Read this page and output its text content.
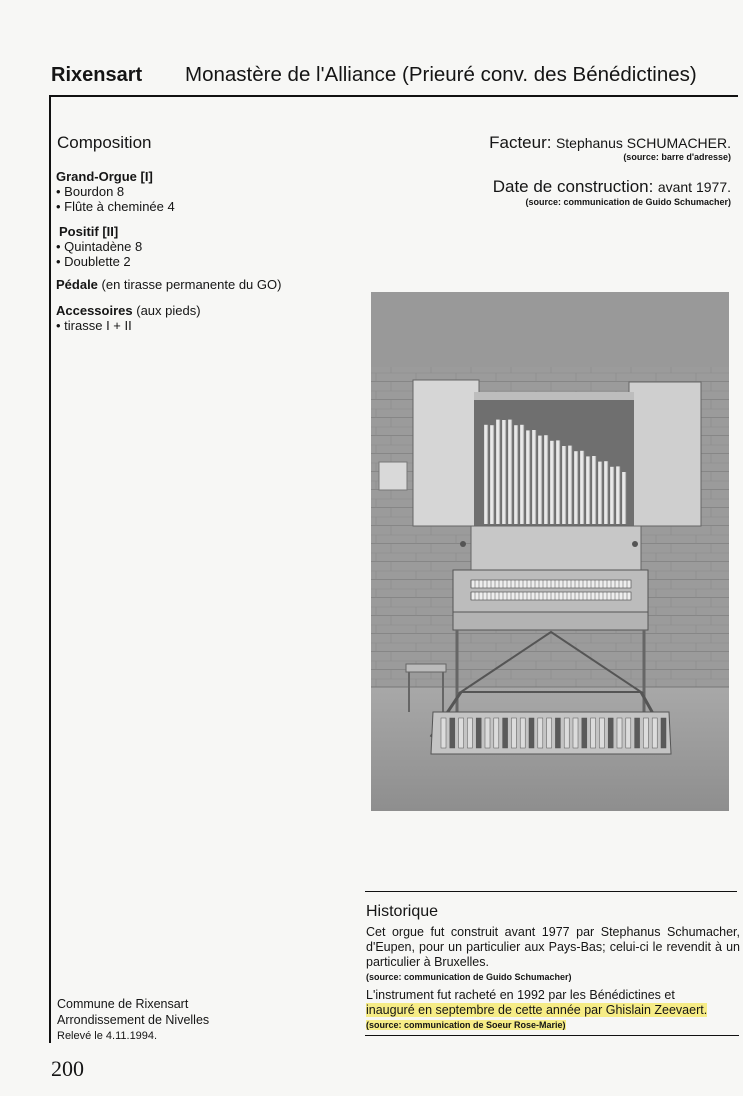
Rixensart Monastère de l'Alliance (Prieuré conv. des Bénédictines)
Composition
Grand-Orgue [I]
• Bourdon 8
• Flûte à cheminée 4
Positif [II]
• Quintadène 8
• Doublette 2
Pédale (en tirasse permanente du GO)
Accessoires (aux pieds)
• tirasse I + II
Facteur: Stephanus SCHUMACHER.
(source: barre d'adresse)
Date de construction: avant 1977.
(source: communication de Guido Schumacher)
Historique
Cet orgue fut construit avant 1977 par Stephanus Schumacher, d'Eupen, pour un particulier aux Pays-Bas; celui-ci le revendit à un particulier à Bruxelles.
(source: communication de Guido Schumacher)
L'instrument fut racheté en 1992 par les Bénédictines et
inauguré en septembre de cette année par Ghislain Zeevaert.
(source: communication de Soeur Rose-Marie)
Commune de Rixensart
Arrondissement de Nivelles
Relevé le 4.11.1994.
200
